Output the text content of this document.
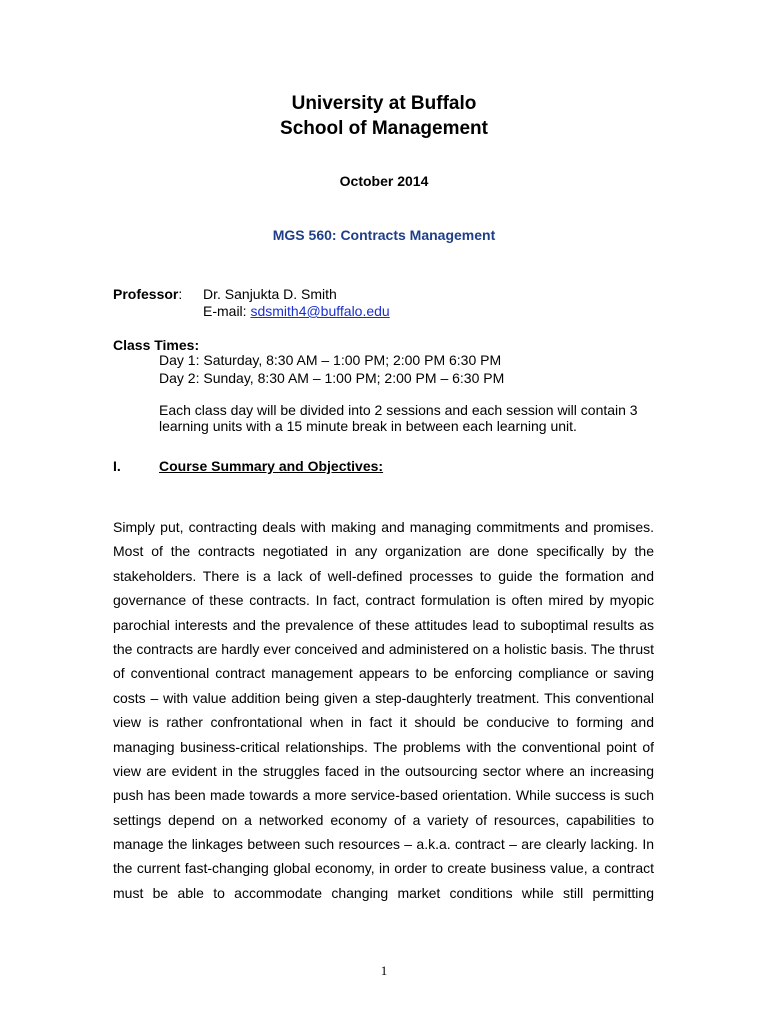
University at Buffalo
School of Management
October 2014
MGS 560: Contracts Management
Professor: Dr. Sanjukta D. Smith
E-mail: sdsmith4@buffalo.edu
Class Times:
Day 1: Saturday, 8:30 AM – 1:00 PM; 2:00 PM 6:30 PM
Day 2: Sunday, 8:30 AM – 1:00 PM; 2:00 PM – 6:30 PM
Each class day will be divided into 2 sessions and each session will contain 3
learning units with a 15 minute break in between each learning unit.
I.	Course Summary and Objectives:
Simply put, contracting deals with making and managing commitments and promises.
Most of the contracts negotiated in any organization are done specifically by the
stakeholders. There is a lack of well-defined processes to guide the formation and
governance of these contracts. In fact, contract formulation is often mired by myopic
parochial interests and the prevalence of these attitudes lead to suboptimal results as
the contracts are hardly ever conceived and administered on a holistic basis. The thrust
of conventional contract management appears to be enforcing compliance or saving
costs – with value addition being given a step-daughterly treatment. This conventional
view is rather confrontational when in fact it should be conducive to forming and
managing business-critical relationships. The problems with the conventional point of
view are evident in the struggles faced in the outsourcing sector where an increasing
push has been made towards a more service-based orientation. While success is such
settings depend on a networked economy of a variety of resources, capabilities to
manage the linkages between such resources – a.k.a. contract – are clearly lacking. In
the current fast-changing global economy, in order to create business value, a contract
must be able to accommodate changing market conditions while still permitting
1
